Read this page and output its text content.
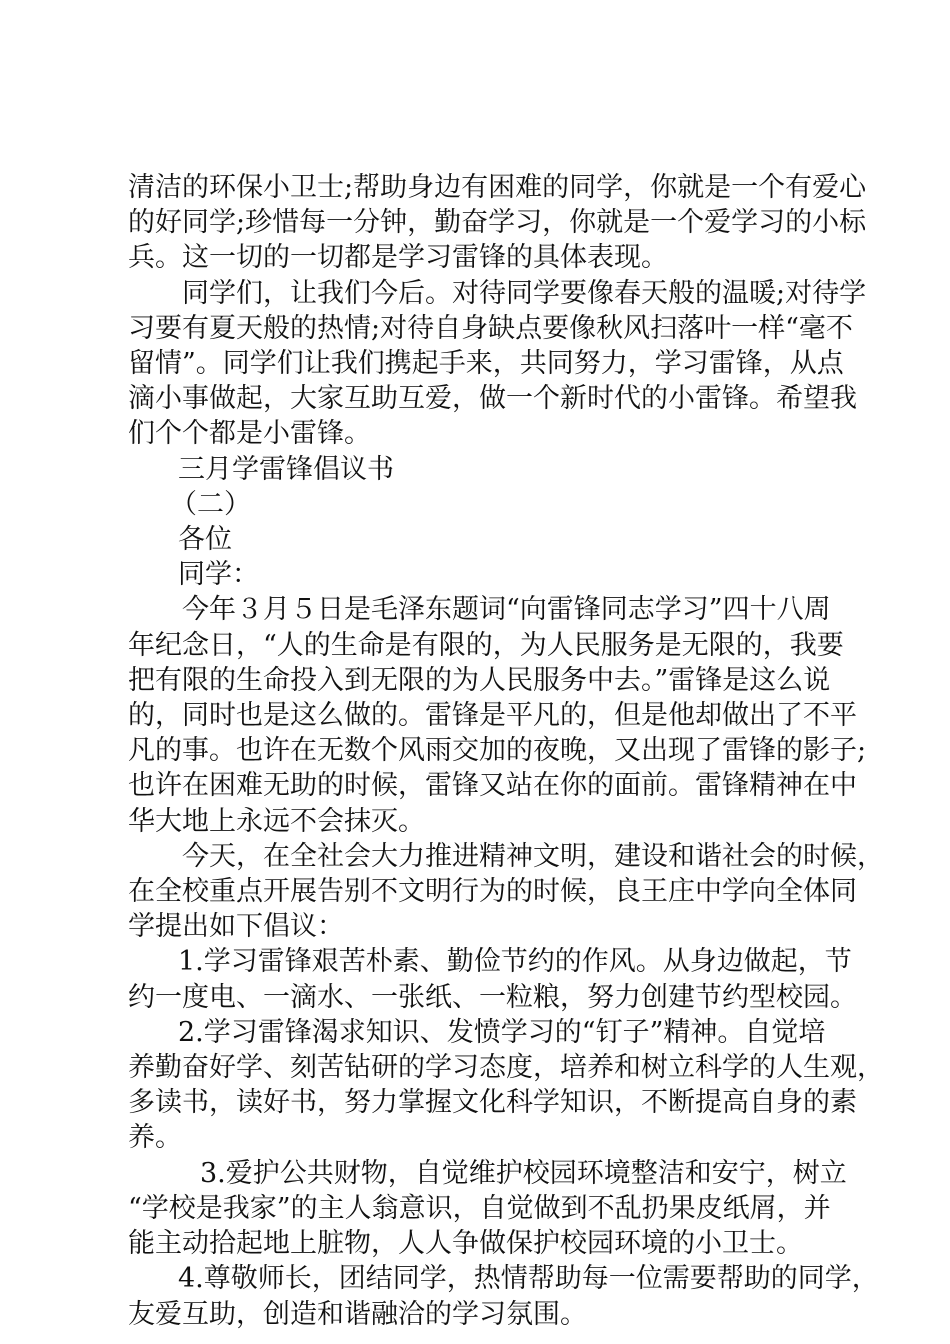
清洁的环保小卫士;帮助身边有困难的同学，你就是一个有爱心
的好同学;珍惜每一分钟，勤奋学习，你就是一个爱学习的小标
兵。这一切的一切都是学习雷锋的具体表现。

同学们，让我们今后。对待同学要像春天般的温暖;对待学
习要有夏天般的热情;对待自身缺点要像秋风扫落叶一样“毫不
留情”。同学们让我们携起手来，共同努力，学习雷锋，从点
滴小事做起，大家互助互爱，做一个新时代的小雷锋。希望我
们个个都是小雷锋。

三月学雷锋倡议书

（二）

各位
同学：

今年３月５日是毛泽东题词“向雷锋同志学习”四十八周
年纪念日，“人的生命是有限的，为人民服务是无限的，我要
把有限的生命投入到无限的为人民服务中去。”雷锋是这么说
的，同时也是这么做的。雷锋是平凡的，但是他却做出了不平
凡的事。也许在无数个风雨交加的夜晚，又出现了雷锋的影子;
也许在困难无助的时候，雷锋又站在你的面前。雷锋精神在中
华大地上永远不会抹灭。

今天，在全社会大力推进精神文明，建设和谐社会的时候，
在全校重点开展告别不文明行为的时候，良王庄中学向全体同
学提出如下倡议：

1.学习雷锋艰苦朴素、勤俭节约的作风。从身边做起，节
约一度电、一滴水、一张纸、一粒粮，努力创建节约型校园。

2.学习雷锋渴求知识、发愤学习的“钉子”精神。自觉培
养勤奋好学、刻苦钻研的学习态度，培养和树立科学的人生观，
多读书，读好书，努力掌握文化科学知识，不断提高自身的素
养。

3.爱护公共财物，自觉维护校园环境整洁和安宁，树立
“学校是我家”的主人翁意识，自觉做到不乱扔果皮纸屑，并
能主动拾起地上脏物，人人争做保护校园环境的小卫士。

4.尊敬师长，团结同学，热情帮助每一位需要帮助的同学，
友爱互助，创造和谐融洽的学习氛围。
